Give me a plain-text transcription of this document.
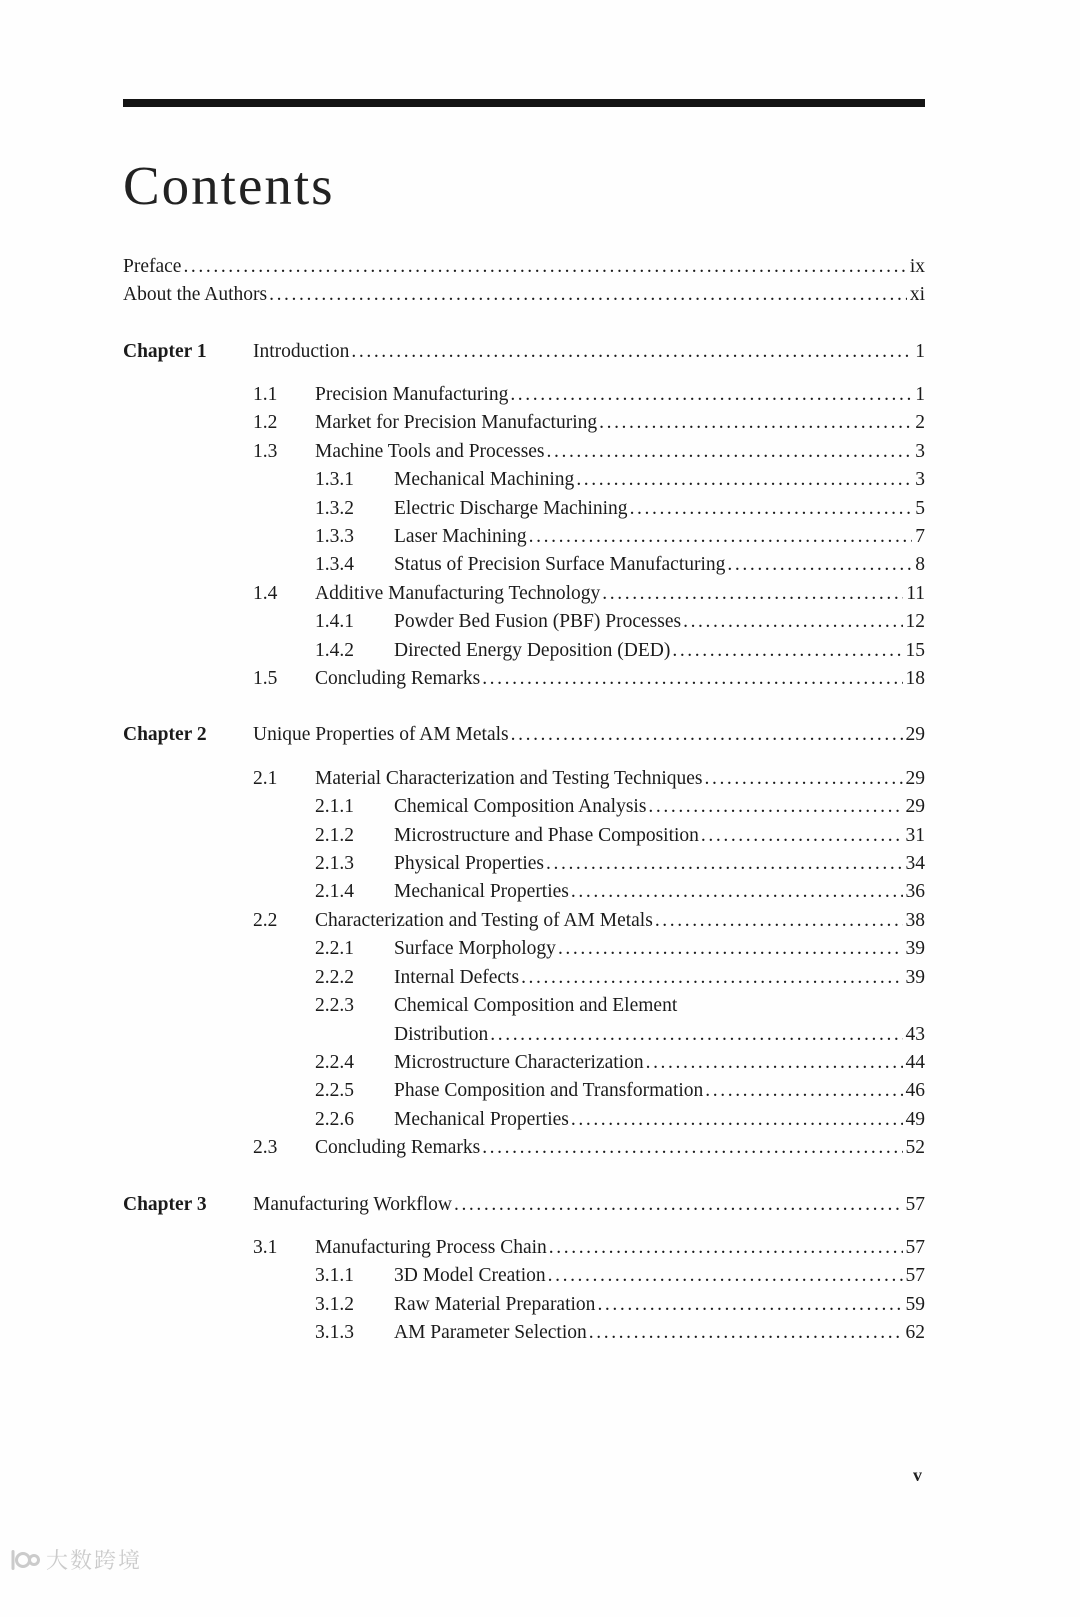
Contents
Preface .....	ix
About the Authors .....	xi
Chapter 1	Introduction .....	1
1.1	Precision Manufacturing .....	1
1.2	Market for Precision Manufacturing .....	2
1.3	Machine Tools and Processes .....	3
1.3.1	Mechanical Machining .....	3
1.3.2	Electric Discharge Machining .....	5
1.3.3	Laser Machining .....	7
1.3.4	Status of Precision Surface Manufacturing .....	8
1.4	Additive Manufacturing Technology .....	11
1.4.1	Powder Bed Fusion (PBF) Processes .....	12
1.4.2	Directed Energy Deposition (DED) .....	15
1.5	Concluding Remarks .....	18
Chapter 2	Unique Properties of AM Metals .....	29
2.1	Material Characterization and Testing Techniques .....	29
2.1.1	Chemical Composition Analysis .....	29
2.1.2	Microstructure and Phase Composition .....	31
2.1.3	Physical Properties .....	34
2.1.4	Mechanical Properties .....	36
2.2	Characterization and Testing of AM Metals .....	38
2.2.1	Surface Morphology .....	39
2.2.2	Internal Defects .....	39
2.2.3	Chemical Composition and Element
Distribution .....	43
2.2.4	Microstructure Characterization .....	44
2.2.5	Phase Composition and Transformation .....	46
2.2.6	Mechanical Properties .....	49
2.3	Concluding Remarks .....	52
Chapter 3	Manufacturing Workflow .....	57
3.1	Manufacturing Process Chain .....	57
3.1.1	3D Model Creation .....	57
3.1.2	Raw Material Preparation .....	59
3.1.3	AM Parameter Selection .....	62
v
大数跨境
